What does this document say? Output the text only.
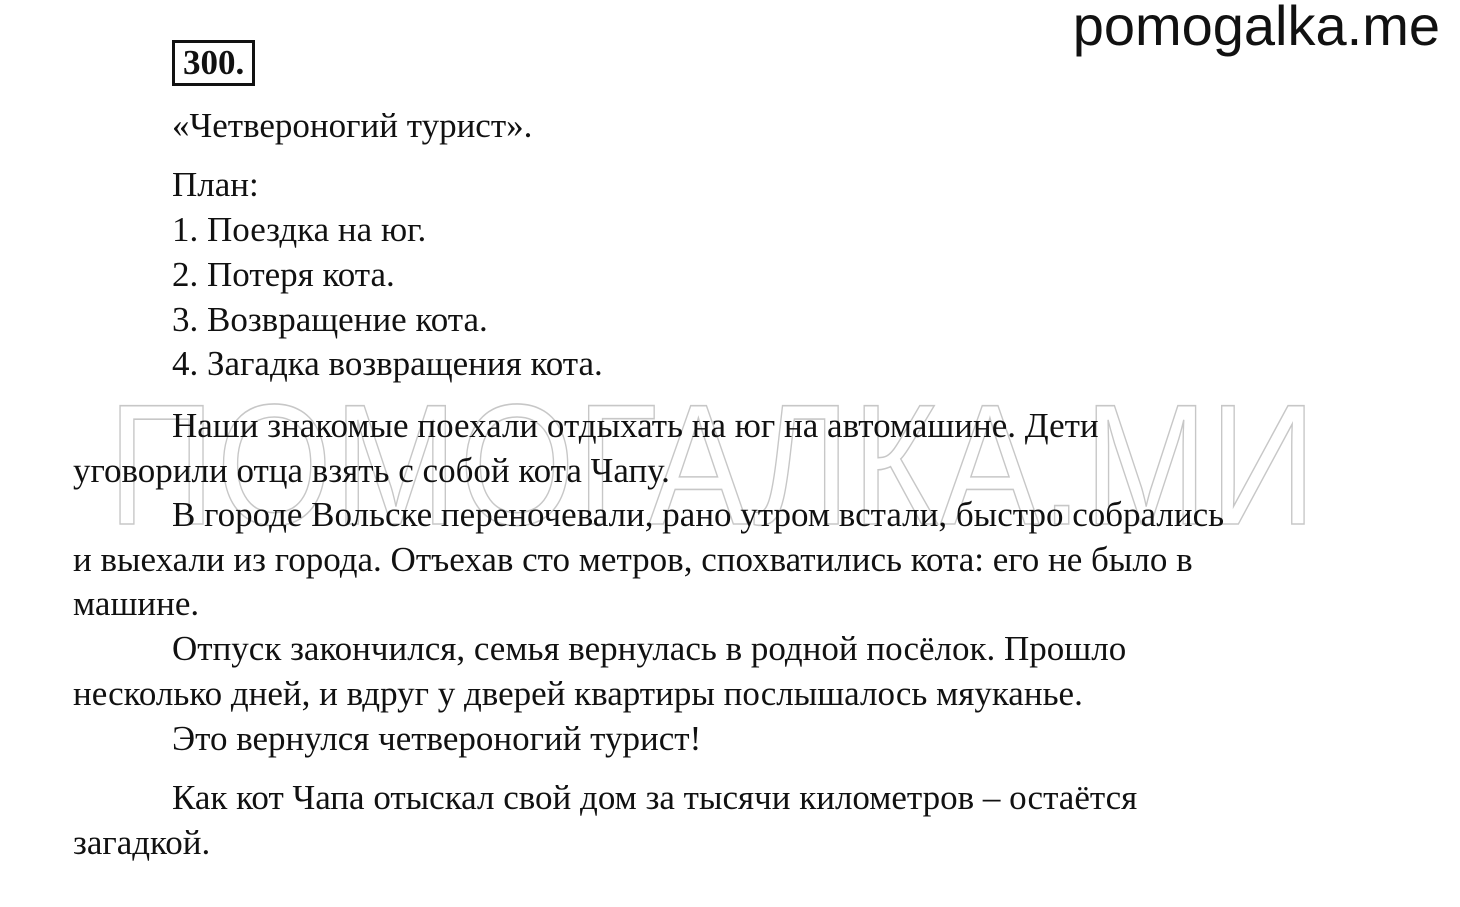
pomogalka.me
ПОМОГАЛКА.МИ
300.
«Четвероногий турист».
План:
1. Поездка на юг.
2. Потеря кота.
3. Возвращение кота.
4. Загадка возвращения кота.
Наши знакомые поехали отдыхать на юг на автомашине. Дети
уговорили отца взять с собой кота Чапу.
В городе Вольске переночевали, рано утром встали, быстро собрались
и выехали из города. Отъехав сто метров, спохватились кота: его не было в
машине.
Отпуск закончился, семья вернулась в родной посёлок. Прошло
несколько дней, и вдруг у дверей квартиры послышалось мяуканье.
Это вернулся четвероногий турист!
Как кот Чапа отыскал свой дом за тысячи километров – остаётся
загадкой.
